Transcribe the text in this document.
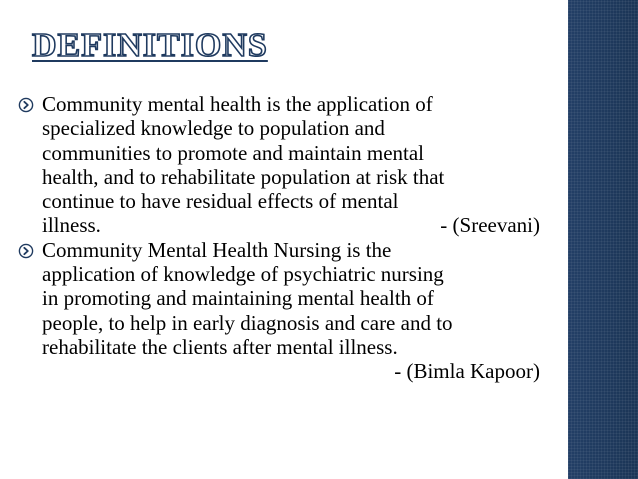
DEFINITIONS

Community mental health is the application of

specialized knowledge to population and

communities to promote and maintain mental

health, and to rehabilitate population at risk that

continue to have residual effects of mental

illness.	- (Sreevani)

Community Mental Health Nursing is the

application of knowledge of psychiatric nursing

in promoting and maintaining mental health of

people, to help in early diagnosis and care and to

rehabilitate the clients after mental illness.

- (Bimla Kapoor)
